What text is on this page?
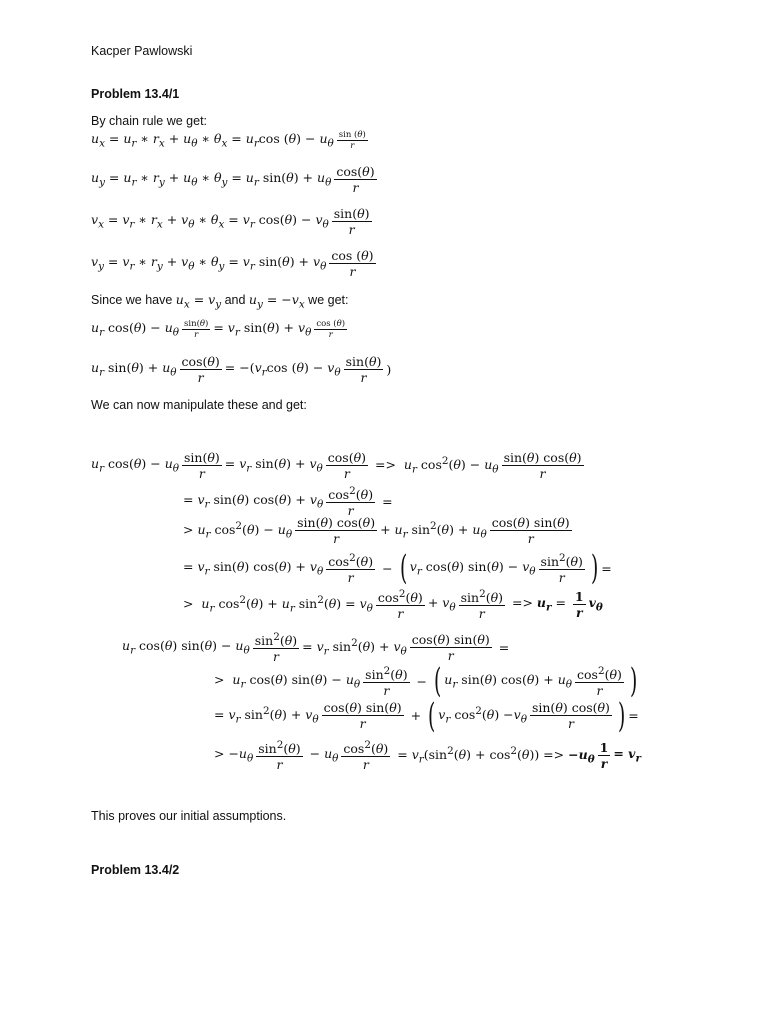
Kacper Pawlowski
Problem 13.4/1
By chain rule we get:
$u_x = u_r$ ∗ $r_x + u_\theta$ ∗ $\theta_x = u_r\cos$ $(\theta) - u_\theta \frac{\sin (\theta)}{r}$
$u_y = u_r$ ∗ $r_y + u_\theta$ ∗ $\theta_y = u_r$ $\sin(\theta) + u_\theta \frac{\cos(\theta)}{r}$
$v_x = v_r$ ∗ $r_x + v_\theta$ ∗ $\theta_x = v_r$ $\cos(\theta) - v_\theta \frac{\sin(\theta)}{r}$
$v_y = v_r$ ∗ $r_y + v_\theta$ ∗ $\theta_y = v_r$ $\sin(\theta) + v_\theta \frac{\cos (\theta)}{r}$
Since we have $u_x = v_y$ and $u_y = -v_x$ we get:
$u_r$ $\cos(\theta) - u_\theta \frac{\sin(\theta)}{r} = v_r$ $\sin(\theta) + v_\theta \frac{\cos (\theta)}{r}$
$u_r$ $\sin(\theta) + u_\theta \frac{\cos(\theta)}{r} = -(v_r\cos$ $(\theta) - v_\theta \frac{\sin(\theta)}{r}$ )
We can now manipulate these and get:
$u_r$ $\cos(\theta) - u_\theta \frac{\sin(\theta)}{r} = v_r$ $\sin(\theta) + v_\theta \frac{\cos(\theta)}{r} => u_r$ $\cos^2(\theta) - u_\theta \frac{\sin(\theta) \cos(\theta)}{r}$
= $v_r$ sin(θ) $\cos(\theta) + v_\theta \frac{\cos^2(\theta)}{r}$ =
> $u_r$ $\cos^2(\theta) - u_\theta \frac{\sin(\theta) \cos(\theta)}{r} + u_r$ $\sin^2(\theta) + u_\theta \frac{\cos(\theta) \sin(\theta)}{r}$
= $v_r$ sin(θ) $\cos(\theta) + v_\theta \frac{\cos^2(\theta)}{r}$ − ( $v_r$ cos(θ) $\sin(\theta) - v_\theta \frac{\sin^2(\theta)}{r}$ ) =
>  $u_r$ $\cos^2(\theta) + u_r$ $\sin^2(\theta) = v_\theta \frac{\cos^2(\theta)}{r} + v_\theta \frac{\sin^2(\theta)}{r} => u_r = \frac{1}{r} v_\theta$
$u_r$ cos(θ) $\sin(\theta) - u_\theta \frac{\sin^2(\theta)}{r} = v_r$ $\sin^2(\theta) + v_\theta \frac{\cos(\theta) \sin(\theta)}{r}$ =
>  $u_r$ cos(θ) $\sin(\theta) - u_\theta \frac{\sin^2(\theta)}{r}$ − ( $u_r$ sin(θ) $\cos(\theta) + u_\theta \frac{\cos^2(\theta)}{r}$ )
= $v_r$ $\sin^2(\theta) + v_\theta \frac{\cos(\theta) \sin(\theta)}{r}$ + ( $v_r$ $\cos^2(\theta) -v_\theta \frac{\sin(\theta) \cos(\theta)}{r}$ ) =
> $-u_\theta \frac{\sin^2(\theta)}{r} - u_\theta \frac{\cos^2(\theta)}{r} = v_r(\sin^2(\theta) + \cos^2(\theta)) => -u_\theta \frac{1}{r} = v_r$
This proves our initial assumptions.
Problem 13.4/2
